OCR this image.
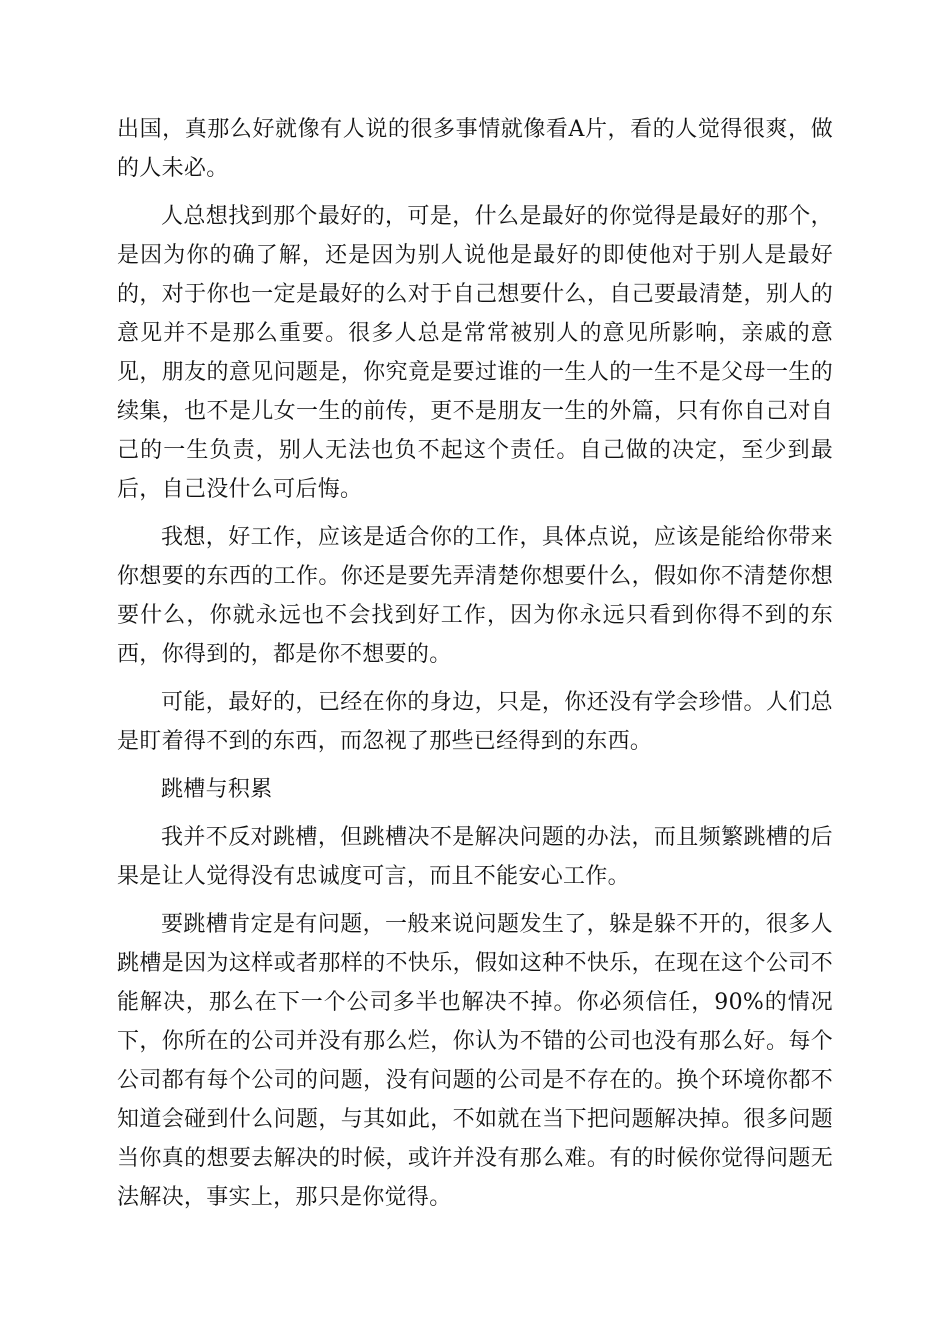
出国，真那么好就像有人说的很多事情就像看A片，看的人觉得很爽，做的人未必。

人总想找到那个最好的，可是，什么是最好的你觉得是最好的那个，是因为你的确了解，还是因为别人说他是最好的即使他对于别人是最好的，对于你也一定是最好的么对于自己想要什么，自己要最清楚，别人的意见并不是那么重要。很多人总是常常被别人的意见所影响，亲戚的意见，朋友的意见问题是，你究竟是要过谁的一生人的一生不是父母一生的续集，也不是儿女一生的前传，更不是朋友一生的外篇，只有你自己对自己的一生负责，别人无法也负不起这个责任。自己做的决定，至少到最后，自己没什么可后悔。

我想，好工作，应该是适合你的工作，具体点说，应该是能给你带来你想要的东西的工作。你还是要先弄清楚你想要什么，假如你不清楚你想要什么，你就永远也不会找到好工作，因为你永远只看到你得不到的东西，你得到的，都是你不想要的。

可能，最好的，已经在你的身边，只是，你还没有学会珍惜。人们总是盯着得不到的东西，而忽视了那些已经得到的东西。

跳槽与积累

我并不反对跳槽，但跳槽决不是解决问题的办法，而且频繁跳槽的后果是让人觉得没有忠诚度可言，而且不能安心工作。

要跳槽肯定是有问题，一般来说问题发生了，躲是躲不开的，很多人跳槽是因为这样或者那样的不快乐，假如这种不快乐，在现在这个公司不能解决，那么在下一个公司多半也解决不掉。你必须信任，90%的情况下，你所在的公司并没有那么烂，你认为不错的公司也没有那么好。每个公司都有每个公司的问题，没有问题的公司是不存在的。换个环境你都不知道会碰到什么问题，与其如此，不如就在当下把问题解决掉。很多问题当你真的想要去解决的时候，或许并没有那么难。有的时候你觉得问题无法解决，事实上，那只是你觉得。
